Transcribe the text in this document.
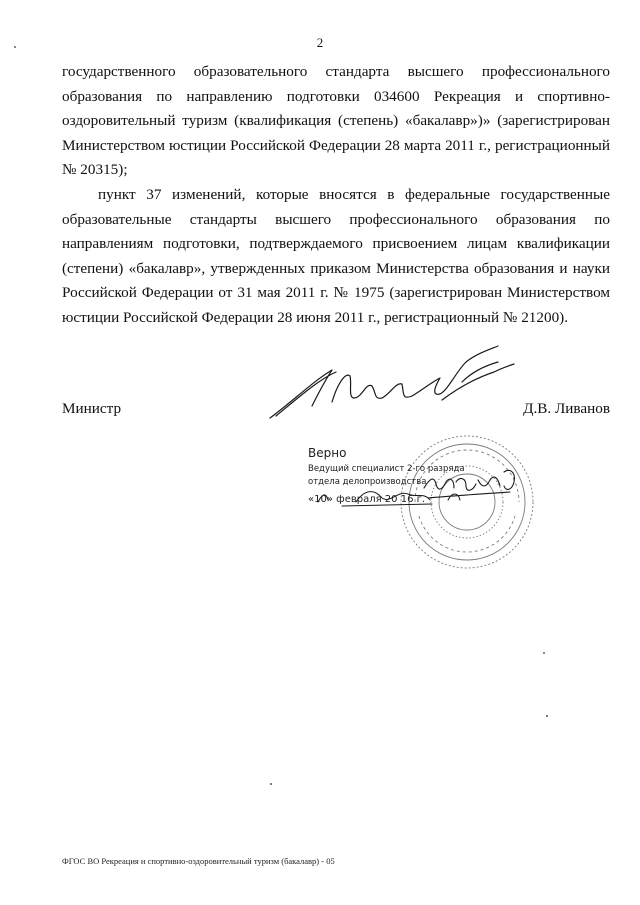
2

государственного образовательного стандарта высшего профессионального образования по направлению подготовки 034600 Рекреация и спортивно-оздоровительный туризм (квалификация (степень) «бакалавр»)» (зарегистрирован Министерством юстиции Российской Федерации 28 марта 2011 г., регистрационный № 20315);

пункт 37 изменений, которые вносятся в федеральные государственные образовательные стандарты высшего профессионального образования по направлениям подготовки, подтверждаемого присвоением лицам квалификации (степени) «бакалавр», утвержденных приказом Министерства образования и науки Российской Федерации от 31 мая 2011 г. № 1975 (зарегистрирован Министерством юстиции Российской Федерации 28 июня 2011 г., регистрационный № 21200).

Министр	Д.В. Ливанов
Верно
Ведущий специалист 2-го разряда
отдела делопроизводства
«10» февраля 20 16 г.
ФГОС ВО Рекреация и спортивно-оздоровительный туризм (бакалавр) - 05
